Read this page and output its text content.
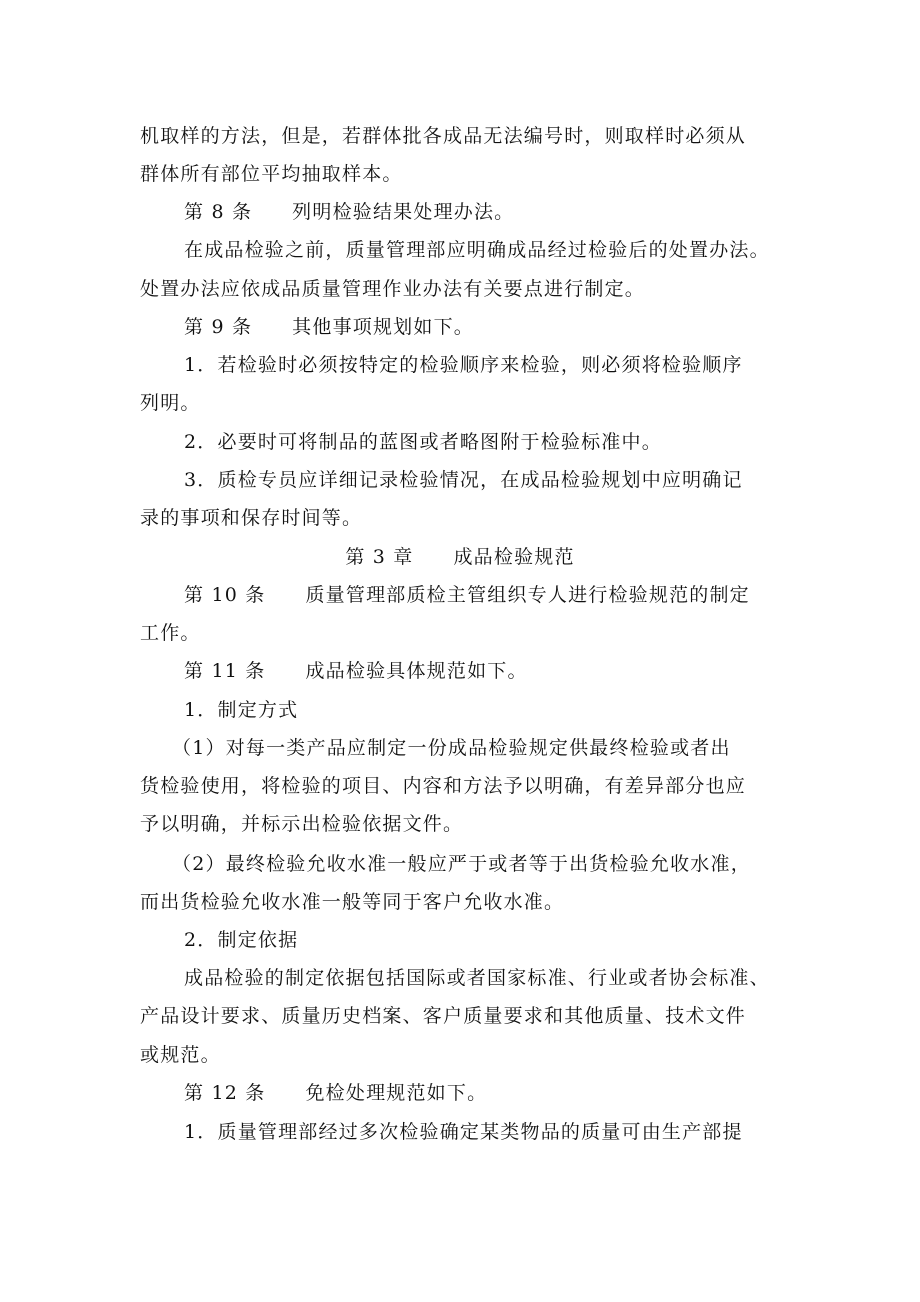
机取样的方法，但是，若群体批各成品无法编号时，则取样时必须从
群体所有部位平均抽取样本。
第 8 条 列明检验结果处理办法。
在成品检验之前，质量管理部应明确成品经过检验后的处置办法。
处置办法应依成品质量管理作业办法有关要点进行制定。
第 9 条 其他事项规划如下。
1．若检验时必须按特定的检验顺序来检验，则必须将检验顺序
列明。
2．必要时可将制品的蓝图或者略图附于检验标准中。
3．质检专员应详细记录检验情况，在成品检验规划中应明确记
录的事项和保存时间等。
第 3 章 成品检验规范
第 10 条 质量管理部质检主管组织专人进行检验规范的制定
工作。
第 11 条 成品检验具体规范如下。
1．制定方式
（1）对每一类产品应制定一份成品检验规定供最终检验或者出
货检验使用，将检验的项目、内容和方法予以明确，有差异部分也应
予以明确，并标示出检验依据文件。
（2）最终检验允收水准一般应严于或者等于出货检验允收水准，
而出货检验允收水准一般等同于客户允收水准。
2．制定依据
成品检验的制定依据包括国际或者国家标准、行业或者协会标准、
产品设计要求、质量历史档案、客户质量要求和其他质量、技术文件
或规范。
第 12 条 免检处理规范如下。
1．质量管理部经过多次检验确定某类物品的质量可由生产部提
